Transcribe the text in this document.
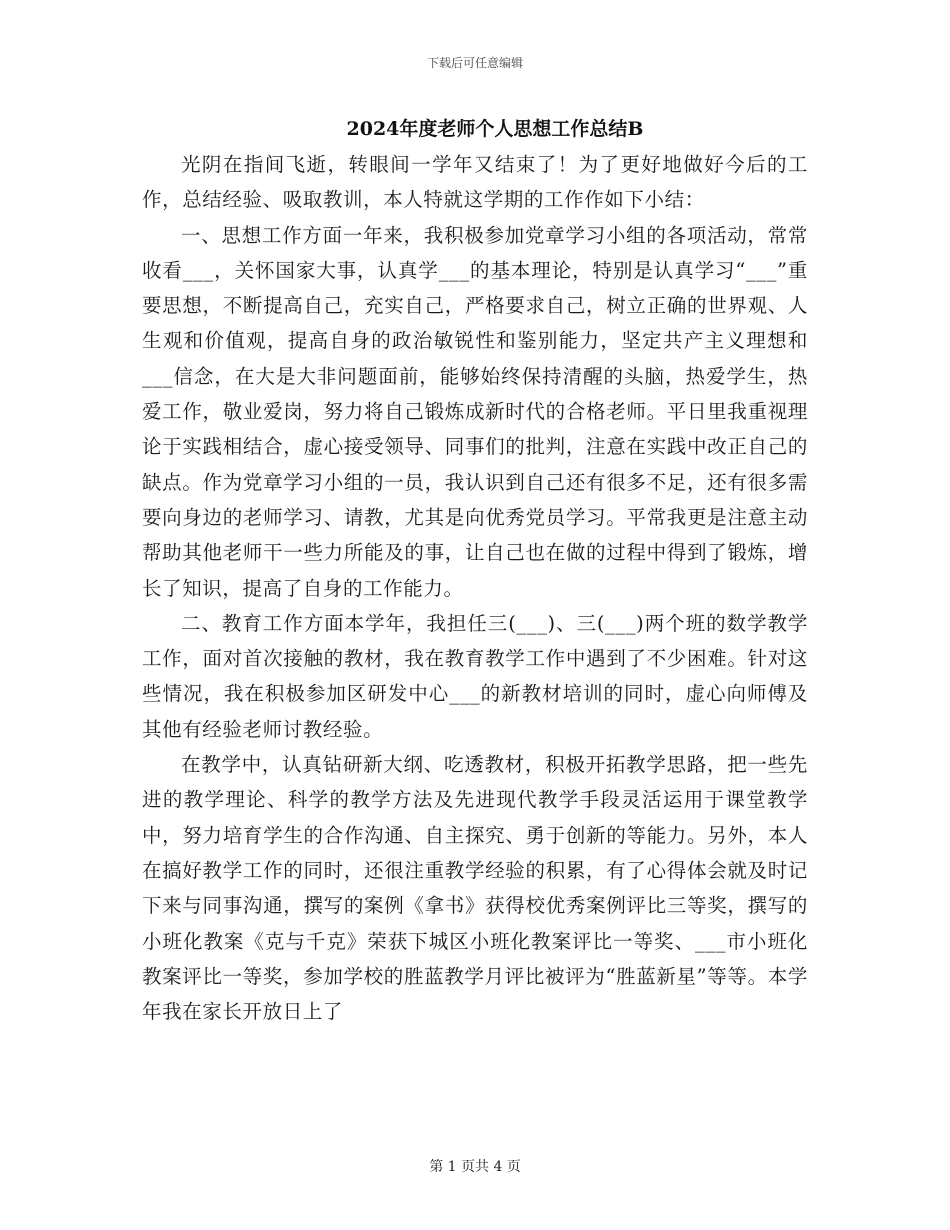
下载后可任意编辑
2024年度老师个人思想工作总结B

光阴在指间飞逝，转眼间一学年又结束了！为了更好地做好今后的工作，总结经验、吸取教训，本人特就这学期的工作作如下小结：

一、思想工作方面一年来，我积极参加党章学习小组的各项活动，常常收看___，关怀国家大事，认真学___的基本理论，特别是认真学习“___”重要思想，不断提高自己，充实自己，严格要求自己，树立正确的世界观、人生观和价值观，提高自身的政治敏锐性和鉴别能力，坚定共产主义理想和___信念，在大是大非问题面前，能够始终保持清醒的头脑，热爱学生，热爱工作，敬业爱岗，努力将自己锻炼成新时代的合格老师。平日里我重视理论于实践相结合，虚心接受领导、同事们的批判，注意在实践中改正自己的缺点。作为党章学习小组的一员，我认识到自己还有很多不足，还有很多需要向身边的老师学习、请教，尤其是向优秀党员学习。平常我更是注意主动帮助其他老师干一些力所能及的事，让自己也在做的过程中得到了锻炼，增长了知识，提高了自身的工作能力。

二、教育工作方面本学年，我担任三(___)、三(___)两个班的数学教学工作，面对首次接触的教材，我在教育教学工作中遇到了不少困难。针对这些情况，我在积极参加区研发中心___的新教材培训的同时，虚心向师傅及其他有经验老师讨教经验。

在教学中，认真钻研新大纲、吃透教材，积极开拓教学思路，把一些先进的教学理论、科学的教学方法及先进现代教学手段灵活运用于课堂教学中，努力培育学生的合作沟通、自主探究、勇于创新的等能力。另外，本人在搞好教学工作的同时，还很注重教学经验的积累，有了心得体会就及时记下来与同事沟通，撰写的案例《拿书》获得校优秀案例评比三等奖，撰写的小班化教案《克与千克》荣获下城区小班化教案评比一等奖、___市小班化教案评比一等奖，参加学校的胜蓝教学月评比被评为“胜蓝新星”等等。本学年我在家长开放日上了

第 1 页共 4 页
